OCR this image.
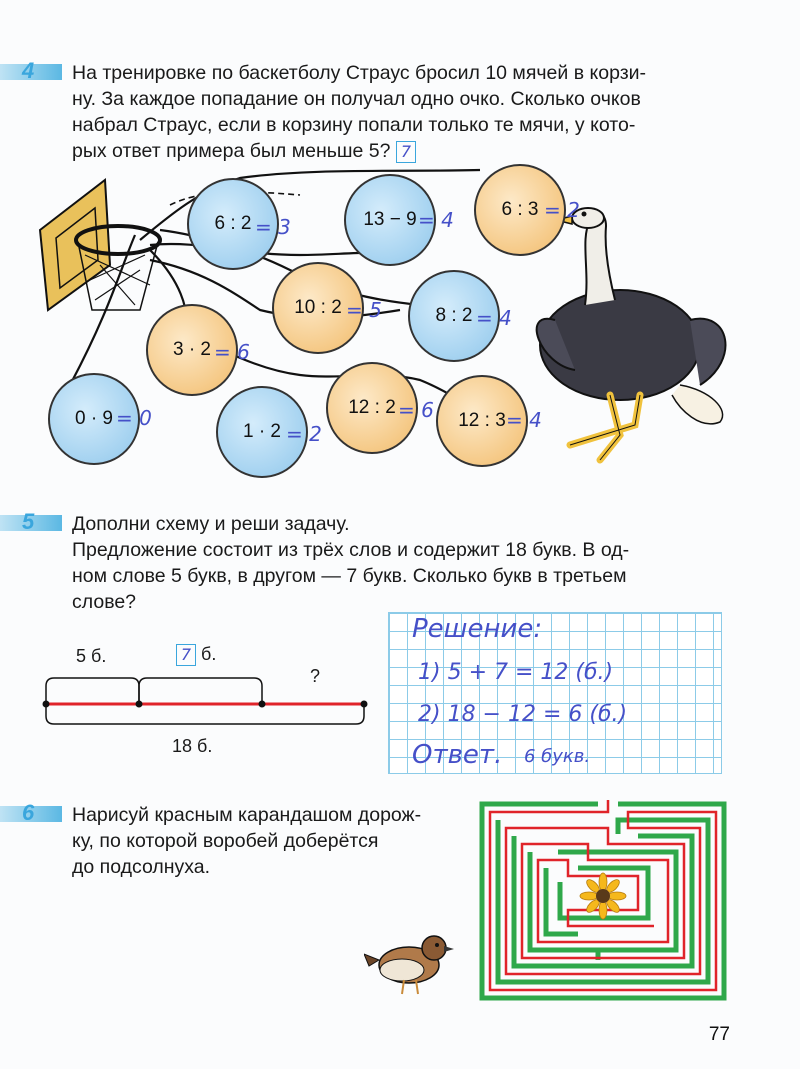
4 На тренировке по баскетболу Страус бросил 10 мячей в корзи-

ну. За каждое попадание он получал одно очко. Сколько очков

набрал Страус, если в корзину попали только те мячи, у кото-

рых ответ примера был меньше 5? 7

6 : 2 = 3	13 − 9 = 4	6 : 3 = 2
10 : 2 = 5	8 : 2 = 4
3 · 2 = 6
0 · 9 = 0
1 · 2 = 2
12 : 2 = 6	12 : 3 = 4
5 Дополни схему и реши задачу.

Предложение состоит из трёх слов и содержит 18 букв. В од-

ном слове 5 букв, в другом — 7 букв. Сколько букв в третьем

слове?

5 б.	7 б.
?
18 б.
Решение:
1) 5 + 7 = 12 (б.)
2) 18 − 12 = 6 (б.)
Ответ. 6 букв.
6 Нарисуй красным карандашом дорож-

ку, по которой воробей доберётся

до подсолнуха.

77
